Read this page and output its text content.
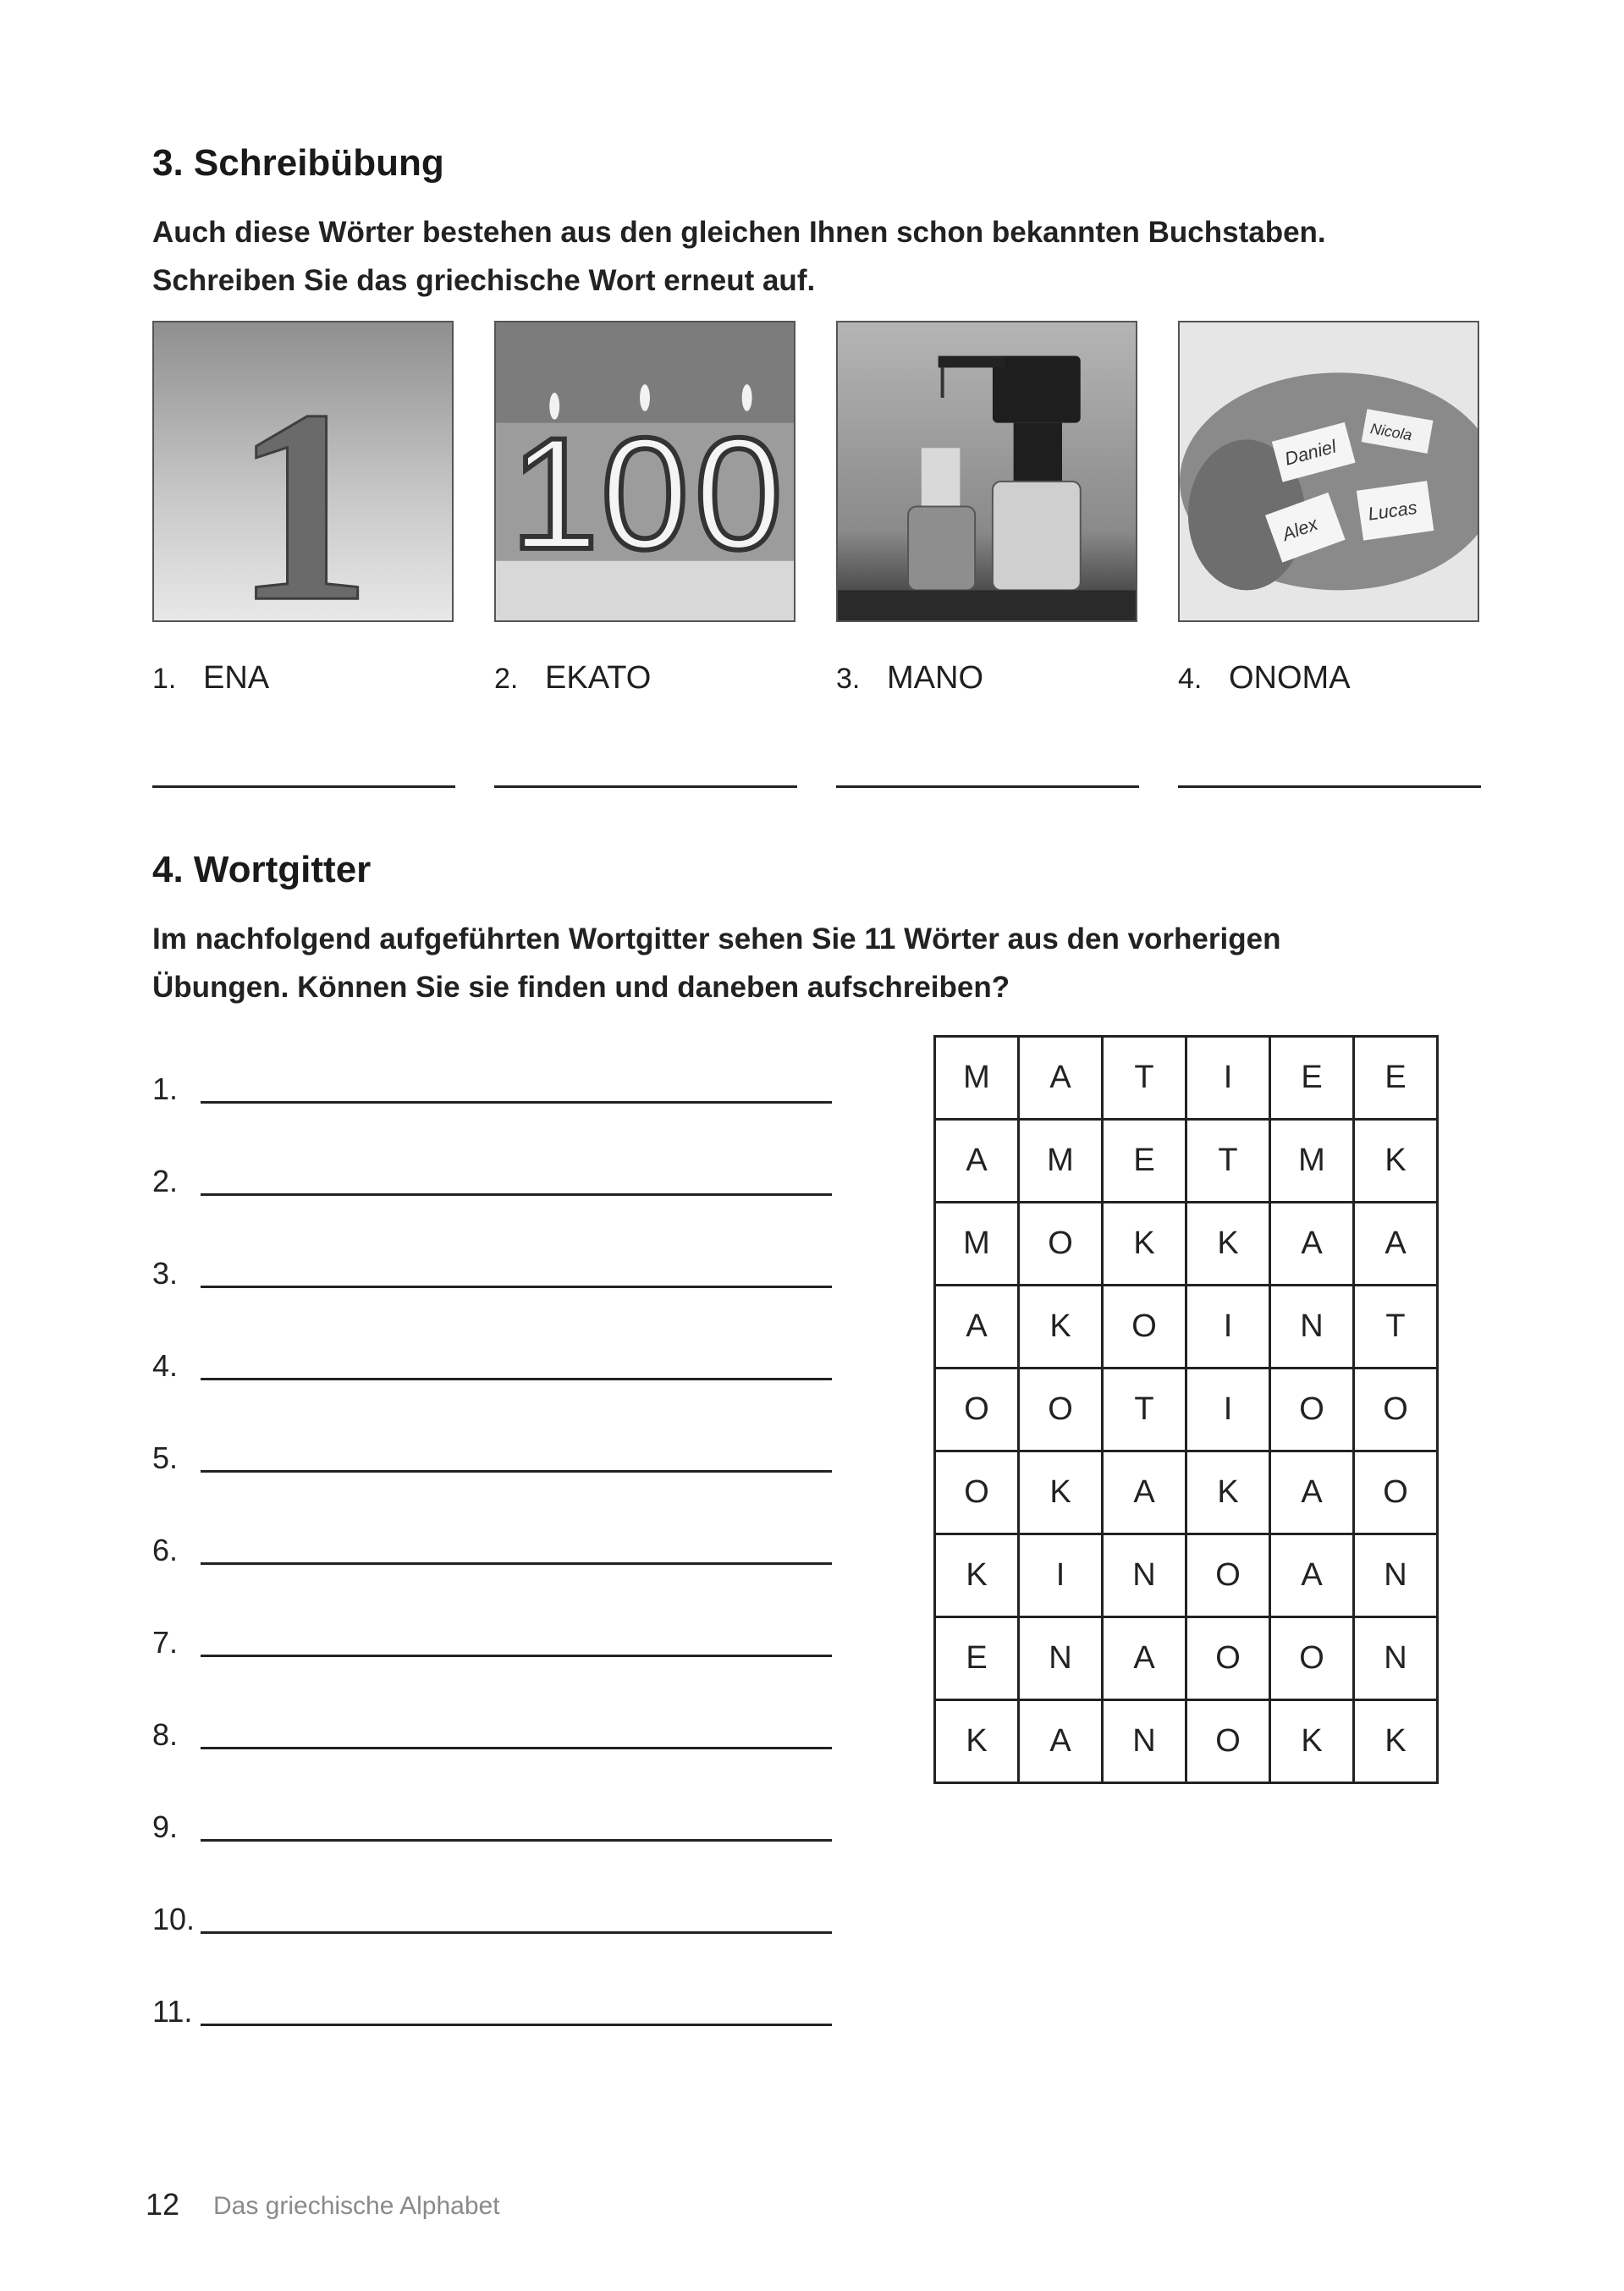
3. Schreibübung
Auch diese Wörter bestehen aus den gleichen Ihnen schon bekannten Buchstaben.
Schreiben Sie das griechische Wort erneut auf.
1 1 0 0	Daniel
Nicola
Alex
Lucas
1. ENA	2. EKATO	3. MANO	4. ONOMA
4. Wortgitter
Im nachfolgend aufgeführten Wortgitter sehen Sie 11 Wörter aus den vorherigen
Übungen. Können Sie sie finden und daneben aufschreiben?
1.
2.
3.
4.
5.
6.
7.
8.
9.
10.
11.
M	A	T	I	E	E
A	M	E	T	M	K
M	O	K	K	A	A
A	K	O	I	N	T
O	O	T	I	O	O
O	K	A	K	A	O
K	I	N	O	A	N
E	N	A	O	O	N
K	A	N	O	K	K
12 Das griechische Alphabet
